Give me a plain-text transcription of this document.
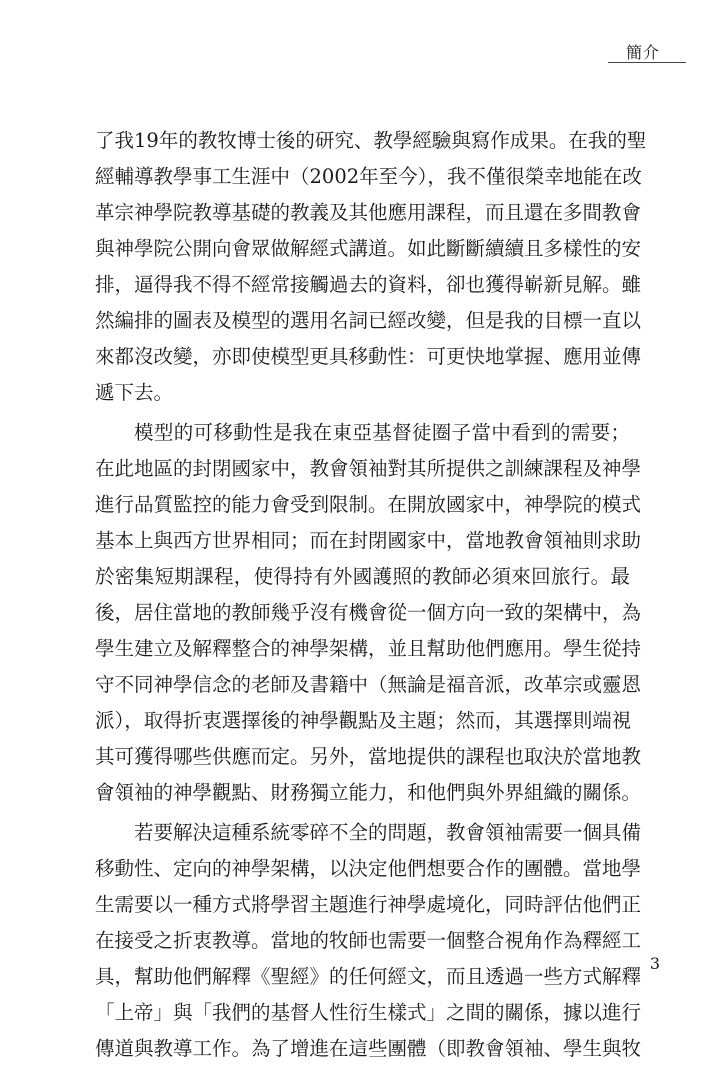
簡介
了我19年的教牧博士後的研究、教學經驗與寫作成果。在我的聖
經輔導教學事工生涯中（2002年至今），我不僅很榮幸地能在改
革宗神學院教導基礎的教義及其他應用課程，而且還在多間教會
與神學院公開向會眾做解經式講道。如此斷斷續續且多樣性的安
排，逼得我不得不經常接觸過去的資料，卻也獲得嶄新見解。雖
然編排的圖表及模型的選用名詞已經改變，但是我的目標一直以
來都沒改變，亦即使模型更具移動性：可更快地掌握、應用並傳
遞下去。
模型的可移動性是我在東亞基督徒圈子當中看到的需要；
在此地區的封閉國家中，教會領袖對其所提供之訓練課程及神學
進行品質監控的能力會受到限制。在開放國家中，神學院的模式
基本上與西方世界相同；而在封閉國家中，當地教會領袖則求助
於密集短期課程，使得持有外國護照的教師必須來回旅行。最
後，居住當地的教師幾乎沒有機會從一個方向一致的架構中，為
學生建立及解釋整合的神學架構，並且幫助他們應用。學生從持
守不同神學信念的老師及書籍中（無論是福音派，改革宗或靈恩
派），取得折衷選擇後的神學觀點及主題；然而，其選擇則端視
其可獲得哪些供應而定。另外，當地提供的課程也取決於當地教
會領袖的神學觀點、財務獨立能力，和他們與外界組織的關係。
若要解決這種系統零碎不全的問題，教會領袖需要一個具備
移動性、定向的神學架構，以決定他們想要合作的團體。當地學
生需要以一種方式將學習主題進行神學處境化，同時評估他們正
在接受之折衷教導。當地的牧師也需要一個整合視角作為釋經工
具，幫助他們解釋《聖經》的任何經文，而且透過一些方式解釋
「上帝」與「我們的基督人性衍生樣式」之間的關係，據以進行
傳道與教導工作。為了增進在這些團體（即教會領袖、學生與牧
3
